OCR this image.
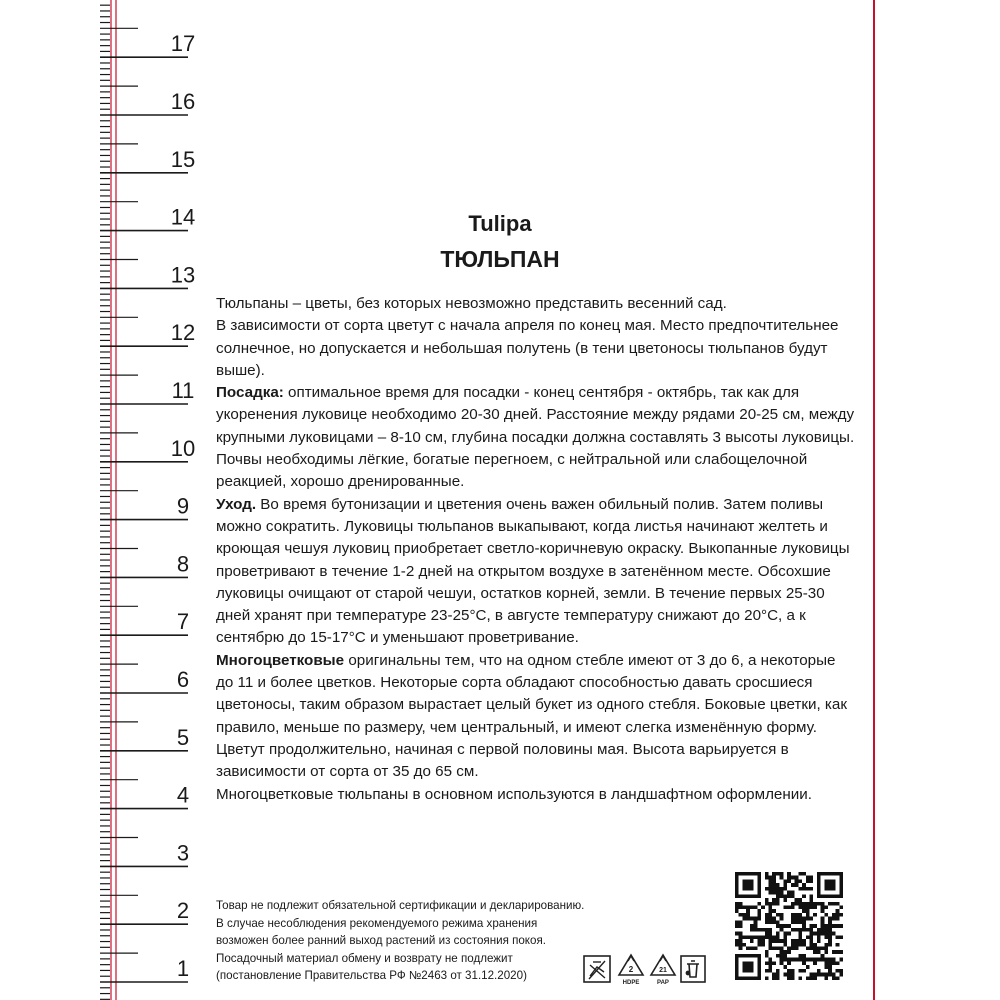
17
16
15
14
13
12
11
10
9
8
7
6
5
4
3
2
1
Tulipa
ТЮЛЬПАН

Тюльпаны – цветы, без которых невозможно представить весенний сад.

В зависимости от сорта цветут с начала апреля по конец мая. Место предпочтительнее солнечное, но допускается и небольшая полутень (в тени цветоносы тюльпанов будут выше).

Посадка: оптимальное время для посадки - конец сентября - октябрь, так как для укоренения луковице необходимо 20-30 дней. Расстояние между рядами 20-25 см, между крупными луковицами – 8-10 см, глубина посадки должна составлять 3 высоты луковицы. Почвы необходимы лёгкие, богатые перегноем, с нейтральной или слабощелочной реакцией, хорошо дренированные.

Уход. Во время бутонизации и цветения очень важен обильный полив. Затем поливы можно сократить. Луковицы тюльпанов выкапывают, когда листья начинают желтеть и кроющая чешуя луковиц приобретает светло-коричневую окраску. Выкопанные луковицы проветривают в течение 1-2 дней на открытом воздухе в затенённом месте. Обсохшие луковицы очищают от старой чешуи, остатков корней, земли. В течение первых 25-30 дней хранят при температуре 23-25°С, в августе температуру снижают до 20°С, а к сентябрю до 15-17°С и уменьшают проветривание.

Многоцветковые оригинальны тем, что на одном стебле имеют от 3 до 6, а некоторые до 11 и более цветков. Некоторые сорта обладают способностью давать сросшиеся цветоносы, таким образом вырастает целый букет из одного стебля. Боковые цветки, как правило, меньше по размеру, чем центральный, и имеют слегка изменённую форму. Цветут продолжительно, начиная с первой половины мая. Высота варьируется в зависимости от сорта от 35 до 65 см.

Многоцветковые тюльпаны в основном используются в ландшафтном оформлении.

Товар не подлежит обязательной сертификации и декларированию.
В случае несоблюдения рекомендуемого режима хранения
возможен более ранний выход растений из состояния покоя.
Посадочный материал обмену и возврату не подлежит
(постановление Правительства РФ №2463 от 31.12.2020)	2
HDPE
21
PAP
